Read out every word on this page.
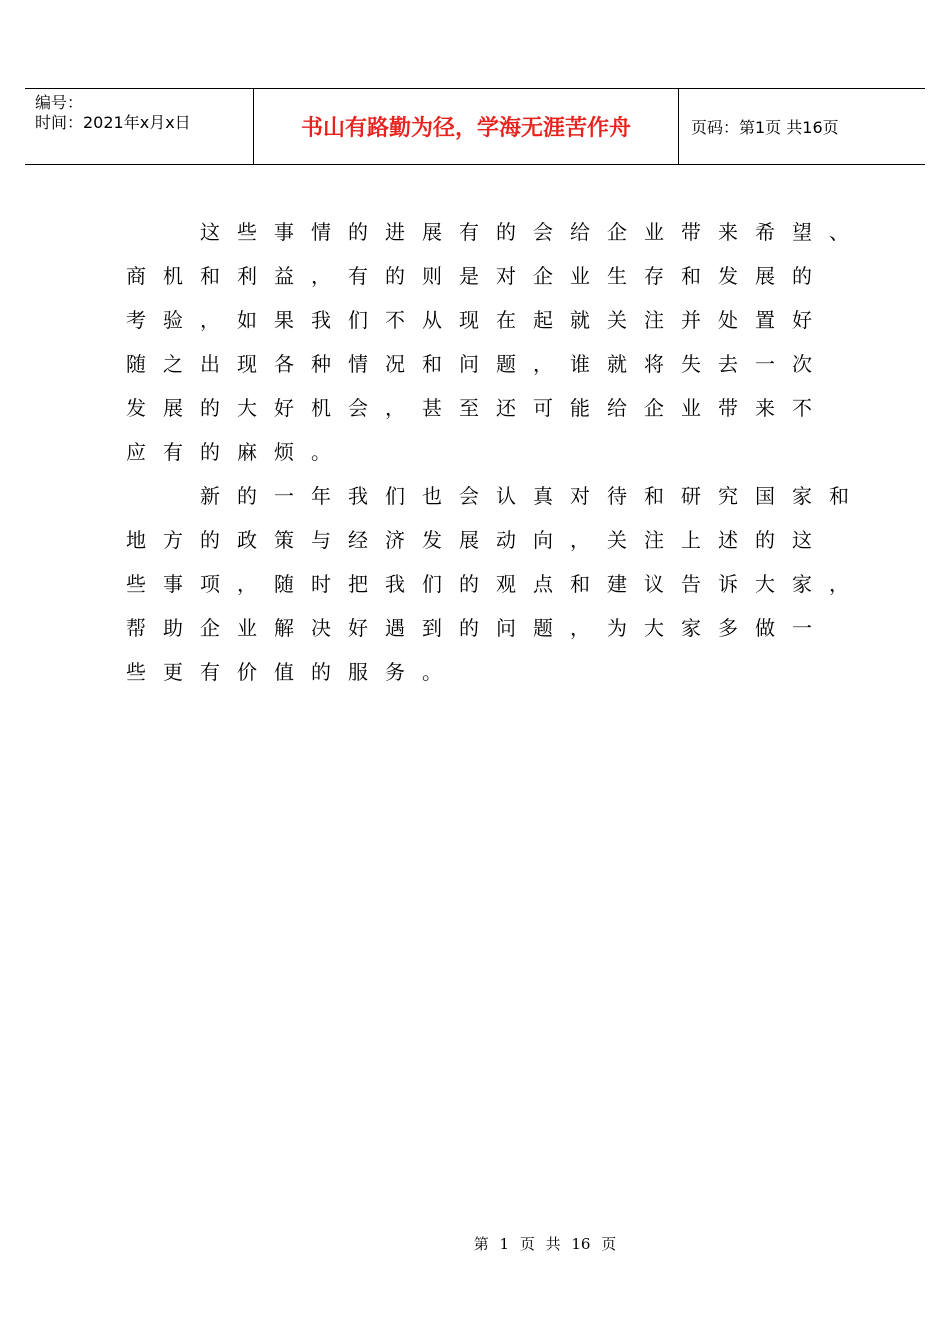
编号：
时间：2021年x月x日	书山有路勤为径，学海无涯苦作舟	页码：第1页 共16页
　　这些事情的进展有的会给企业带来希望、
商机和利益，有的则是对企业生存和发展的
考验，如果我们不从现在起就关注并处置好
随之出现各种情况和问题，谁就将失去一次
发展的大好机会，甚至还可能给企业带来不
应有的麻烦。
　　新的一年我们也会认真对待和研究国家和
地方的政策与经济发展动向，关注上述的这
些事项，随时把我们的观点和建议告诉大家，
帮助企业解决好遇到的问题，为大家多做一
些更有价值的服务。
第 1 页 共 16 页
